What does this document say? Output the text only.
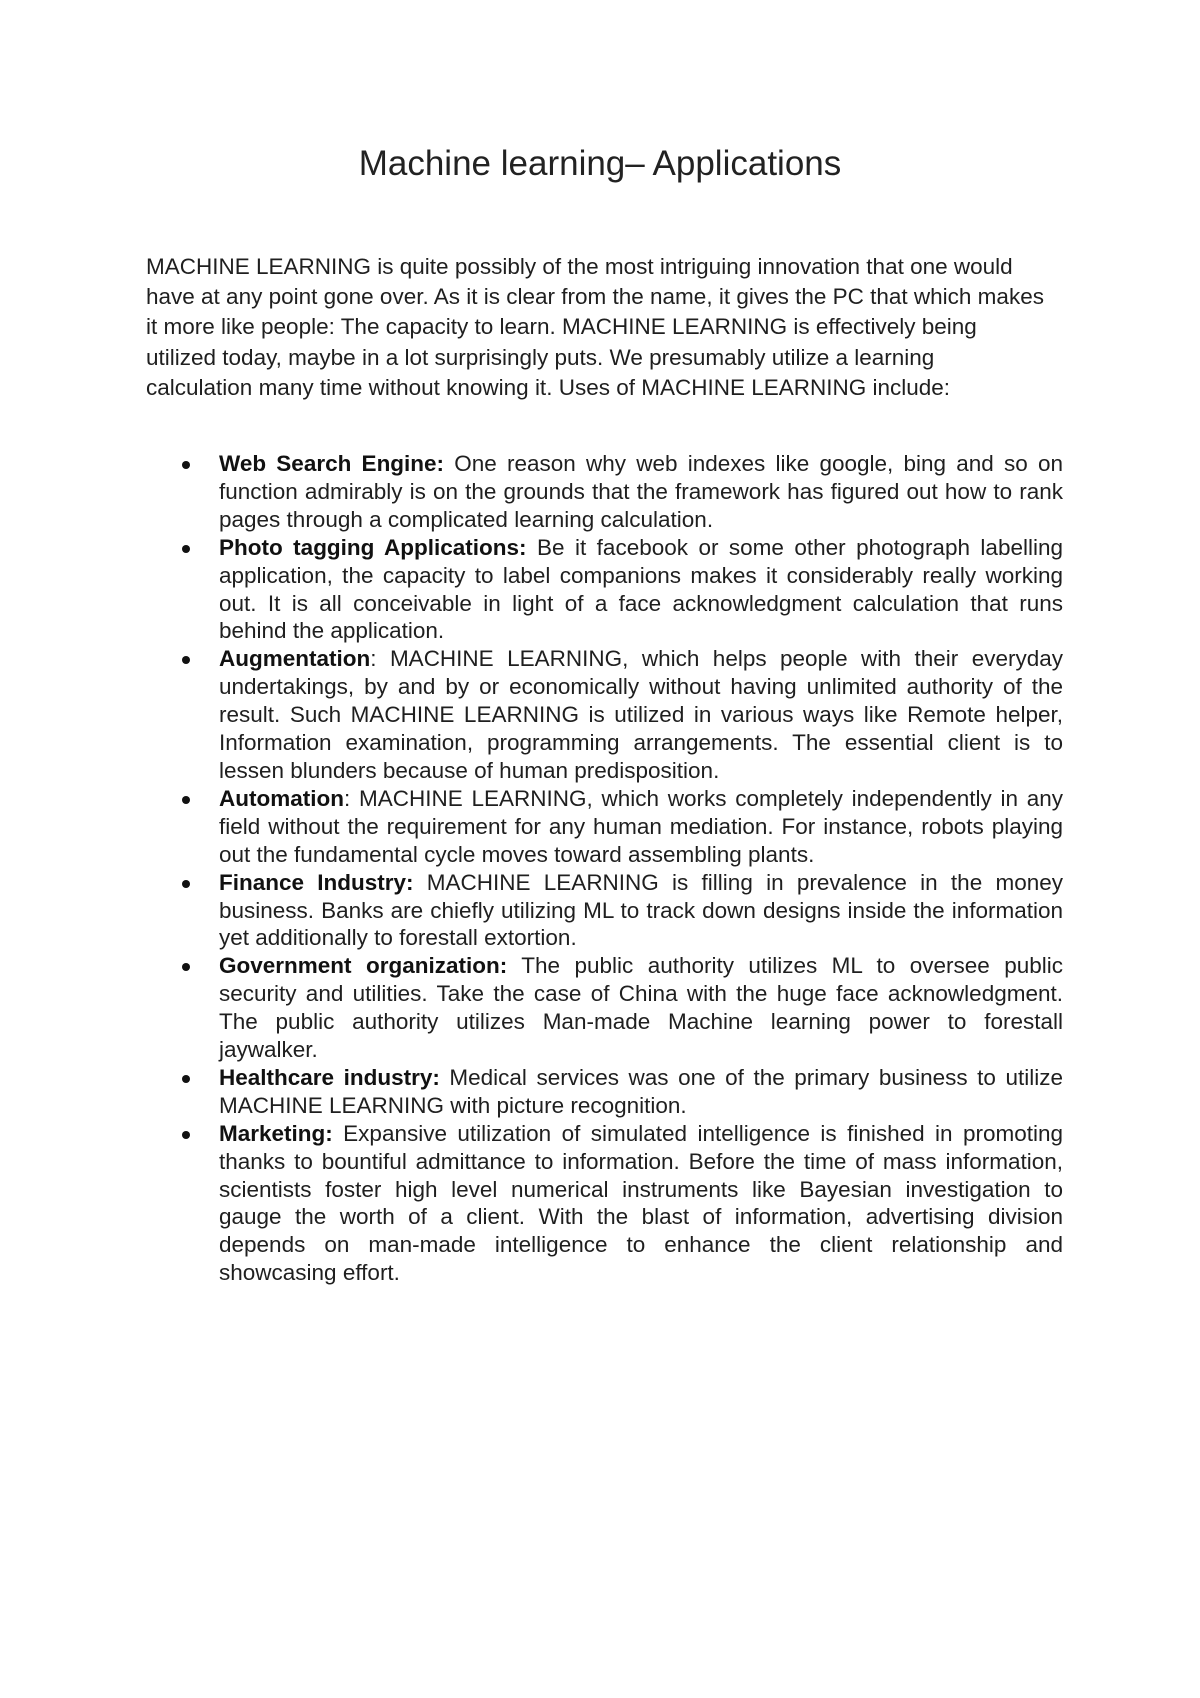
Machine learning– Applications

MACHINE LEARNING is quite possibly of the most intriguing innovation that one would have at any point gone over. As it is clear from the name, it gives the PC that which makes it more like people: The capacity to learn. MACHINE LEARNING is effectively being utilized today, maybe in a lot surprisingly puts. We presumably utilize a learning calculation many time without knowing it. Uses of MACHINE LEARNING include:

Web Search Engine: One reason why web indexes like google, bing and so on function admirably is on the grounds that the framework has figured out how to rank pages through a complicated learning calculation.
Photo tagging Applications: Be it facebook or some other photograph labelling application, the capacity to label companions makes it considerably really working out. It is all conceivable in light of a face acknowledgment calculation that runs behind the application.
Augmentation: MACHINE LEARNING, which helps people with their everyday undertakings, by and by or economically without having unlimited authority of the result. Such MACHINE LEARNING is utilized in various ways like Remote helper, Information examination, programming arrangements. The essential client is to lessen blunders because of human predisposition.
Automation: MACHINE LEARNING, which works completely independently in any field without the requirement for any human mediation. For instance, robots playing out the fundamental cycle moves toward assembling plants.
Finance Industry: MACHINE LEARNING is filling in prevalence in the money business. Banks are chiefly utilizing ML to track down designs inside the information yet additionally to forestall extortion.
Government organization: The public authority utilizes ML to oversee public security and utilities. Take the case of China with the huge face acknowledgment. The public authority utilizes Man-made Machine learning power to forestall jaywalker.
Healthcare industry: Medical services was one of the primary business to utilize MACHINE LEARNING with picture recognition.
Marketing: Expansive utilization of simulated intelligence is finished in promoting thanks to bountiful admittance to information. Before the time of mass information, scientists foster high level numerical instruments like Bayesian investigation to gauge the worth of a client. With the blast of information, advertising division depends on man-made intelligence to enhance the client relationship and showcasing effort.
